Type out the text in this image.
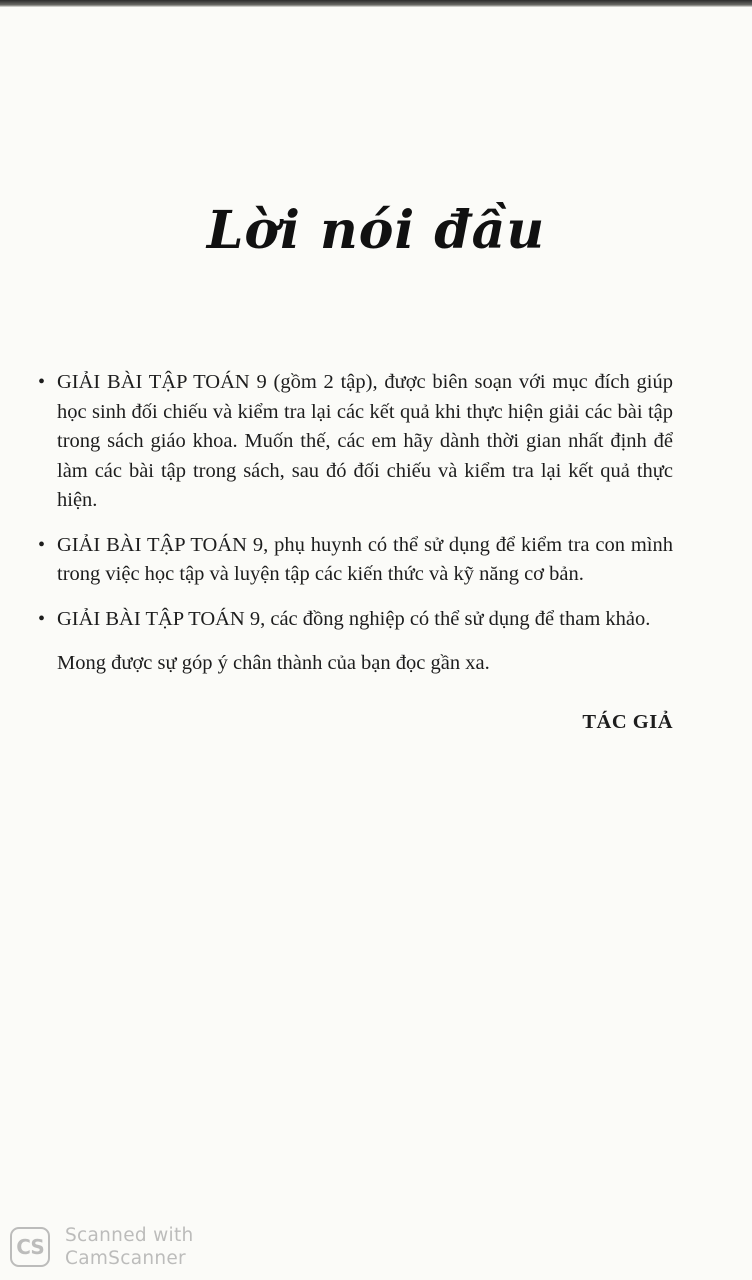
Lời nói đầu

• GIẢI BÀI TẬP TOÁN 9 (gồm 2 tập), được biên soạn với mục đích giúp học sinh đối chiếu và kiểm tra lại các kết quả khi thực hiện giải các bài tập trong sách giáo khoa. Muốn thế, các em hãy dành thời gian nhất định để làm các bài tập trong sách, sau đó đối chiếu và kiểm tra lại kết quả thực hiện.

• GIẢI BÀI TẬP TOÁN 9, phụ huynh có thể sử dụng để kiểm tra con mình trong việc học tập và luyện tập các kiến thức và kỹ năng cơ bản.

• GIẢI BÀI TẬP TOÁN 9, các đồng nghiệp có thể sử dụng để tham khảo.

Mong được sự góp ý chân thành của bạn đọc gần xa.

TÁC GIẢ
CS	Scanned with
CamScanner
